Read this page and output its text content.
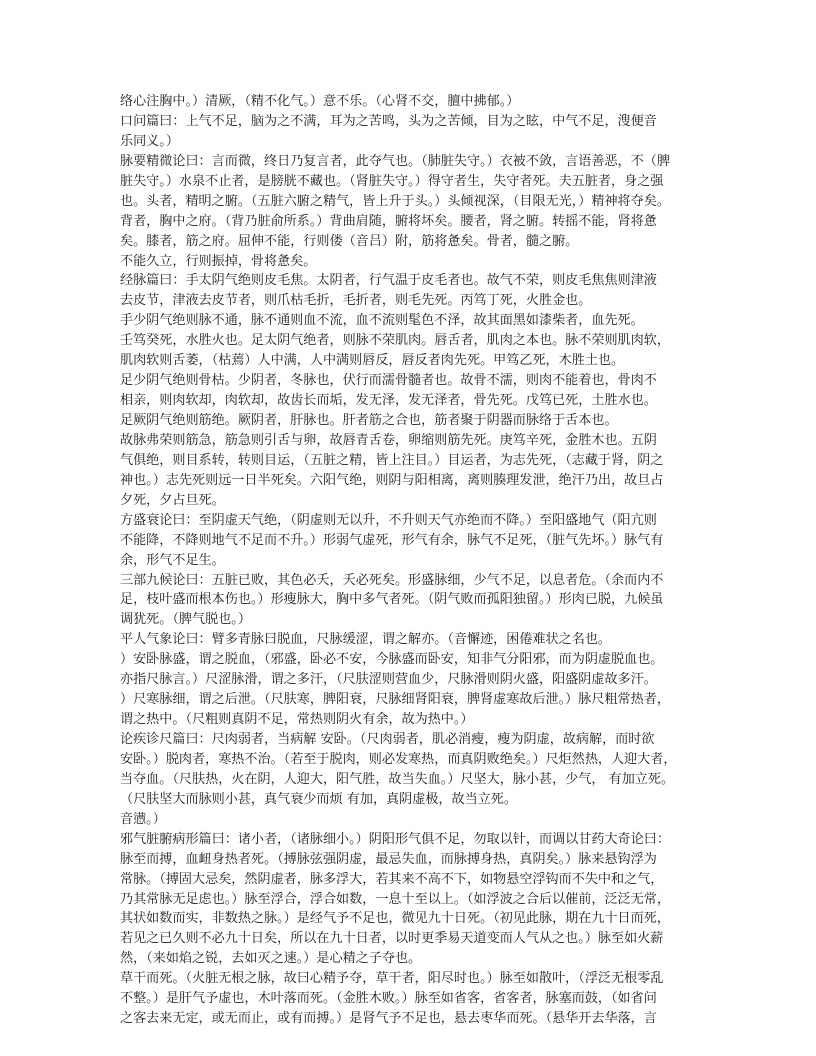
络心注胸中。）清厥，（精不化气。）意不乐。（心肾不交，膻中拂郁。）
口问篇曰：上气不足，脑为之不满，耳为之苦鸣，头为之苦倾，目为之眩，中气不足，溲便音
乐同义。）
脉要精微论曰：言而微，终日乃复言者，此夺气也。（肺脏失守。）衣被不敛，言语善恶，不（脾
脏失守。）水泉不止者，是膀胱不藏也。（肾脏失守。）得守者生，失守者死。夫五脏者，身之强
也。头者，精明之腑。（五脏六腑之精气，皆上升于头。）头倾视深，（目限无光，）精神将夺矣。
背者，胸中之府。（背乃脏俞所系。）背曲肩随，腑将坏矣。腰者，肾之腑。转摇不能，肾将惫
矣。膝者，筋之府。屈伸不能，行则偻（音吕）附，筋将惫矣。骨者，髓之腑。
不能久立，行则振掉，骨将惫矣。
经脉篇曰：手太阴气绝则皮毛焦。太阴者，行气温于皮毛者也。故气不荣，则皮毛焦焦则津液
去皮节，津液去皮节者，则爪枯毛折，毛折者，则毛先死。丙笃丁死，火胜金也。
手少阴气绝则脉不通，脉不通则血不流，血不流则髦色不泽，故其面黑如漆柴者，血先死。
壬笃癸死，水胜火也。足太阴气绝者，则脉不荣肌肉。唇舌者，肌肉之本也。脉不荣则肌肉软，
肌肉软则舌萎，（枯蔫）人中满，人中满则唇反，唇反者肉先死。甲笃乙死，木胜土也。
足少阴气绝则骨枯。少阴者，冬脉也，伏行而濡骨髓者也。故骨不濡，则肉不能着也，骨肉不
相亲，则肉软却，肉软却，故齿长而垢，发无泽，发无泽者，骨先死。戊笃已死，土胜水也。
足厥阴气绝则筋绝。厥阴者，肝脉也。肝者筋之合也，筋者聚于阴器而脉络于舌本也。
故脉弗荣则筋急，筋急则引舌与卵，故唇青舌卷，卵缩则筋先死。庚笃辛死，金胜木也。五阴
气俱绝，则目系转，转则目运，（五脏之精，皆上注目。）目运者，为志先死，（志藏于肾，阴之
神也。）志先死则远一日半死矣。六阳气绝，则阴与阳相离，离则腠理发泄，绝汗乃出，故旦占
夕死，夕占旦死。
方盛衰论曰：至阴虚天气绝，（阴虚则无以升，不升则天气亦绝而不降。）至阳盛地气（阳亢则
不能降，不降则地气不足而不升。）形弱气虚死，形气有余，脉气不足死，（脏气先坏。）脉气有
余，形气不足生。
三部九候论曰：五脏已败，其色必夭，夭必死矣。形盛脉细，少气不足，以息者危。（余而内不
足，枝叶盛而根本伤也。）形瘦脉大，胸中多气者死。（阴气败而孤阳独留。）形肉已脱，九候虽
调犹死。（脾气脱也。）
平人气象论曰：臂多青脉曰脱血，尺脉缓涩，谓之解亦。（音懈迹，困倦难状之名也。
）安卧脉盛，谓之脱血，（邪盛，卧必不安，今脉盛而卧安，知非气分阳邪，而为阴虚脱血也。
亦指尺脉言。）尺涩脉滑，谓之多汗，（尺肤涩则营血少，尺脉滑则阴火盛，阳盛阴虚故多汗。
）尺寒脉细，谓之后泄。（尺肤寒，脾阳衰，尺脉细肾阳衰，脾肾虚寒故后泄。）脉尺粗常热者，
谓之热中。（尺粗则真阴不足，常热则阴火有余，故为热中。）
论疾诊尺篇曰：尺肉弱者，当病解 安卧。（尺肉弱者，肌必消瘦，瘦为阴虚，故病解，而时欲
安卧。）脱肉者，寒热不治。（若至于脱肉，则必发寒热，而真阴败绝矣。）尺炬然热，人迎大者，
当夺血。（尺肤热，火在阴，人迎大，阳气胜，故当失血。）尺坚大，脉小甚，少气， 有加立死。
（尺肤坚大而脉则小甚，真气衰少而烦 有加，真阴虚极，故当立死。
音懑。）
邪气脏腑病形篇曰：诸小者，（诸脉细小。）阴阳形气俱不足，勿取以针，而调以甘药大奇论曰：
脉至而搏，血衄身热者死。（搏脉弦强阴虚，最忌失血，而脉搏身热，真阴矣。）脉来悬钩浮为
常脉。（搏固大忌矣，然阴虚者，脉多浮大，若其来不高不下，如物悬空浮钩而不失中和之气，
乃其常脉无足虑也。）脉至浮合，浮合如数，一息十至以上。（如浮波之合后以催前，泛泛无常，
其状如数而实，非数热之脉。）是经气予不足也，微见九十日死。（初见此脉，期在九十日而死，
若见之已久则不必九十日矣，所以在九十日者，以时更季易天道变而人气从之也。）脉至如火薪
然，（来如焰之锐，去如灭之速。）是心精之子夺也。
草干而死。（火脏无根之脉，故曰心精予夺，草干者，阳尽时也。）脉至如散叶，（浮泛无根零乱
不整。）是肝气予虚也，木叶落而死。（金胜木败。）脉至如省客，省客者，脉塞而鼓，（如省问
之客去来无定，或无而止，或有而搏。）是肾气予不足也，悬去枣华而死。（悬华开去华落，言
